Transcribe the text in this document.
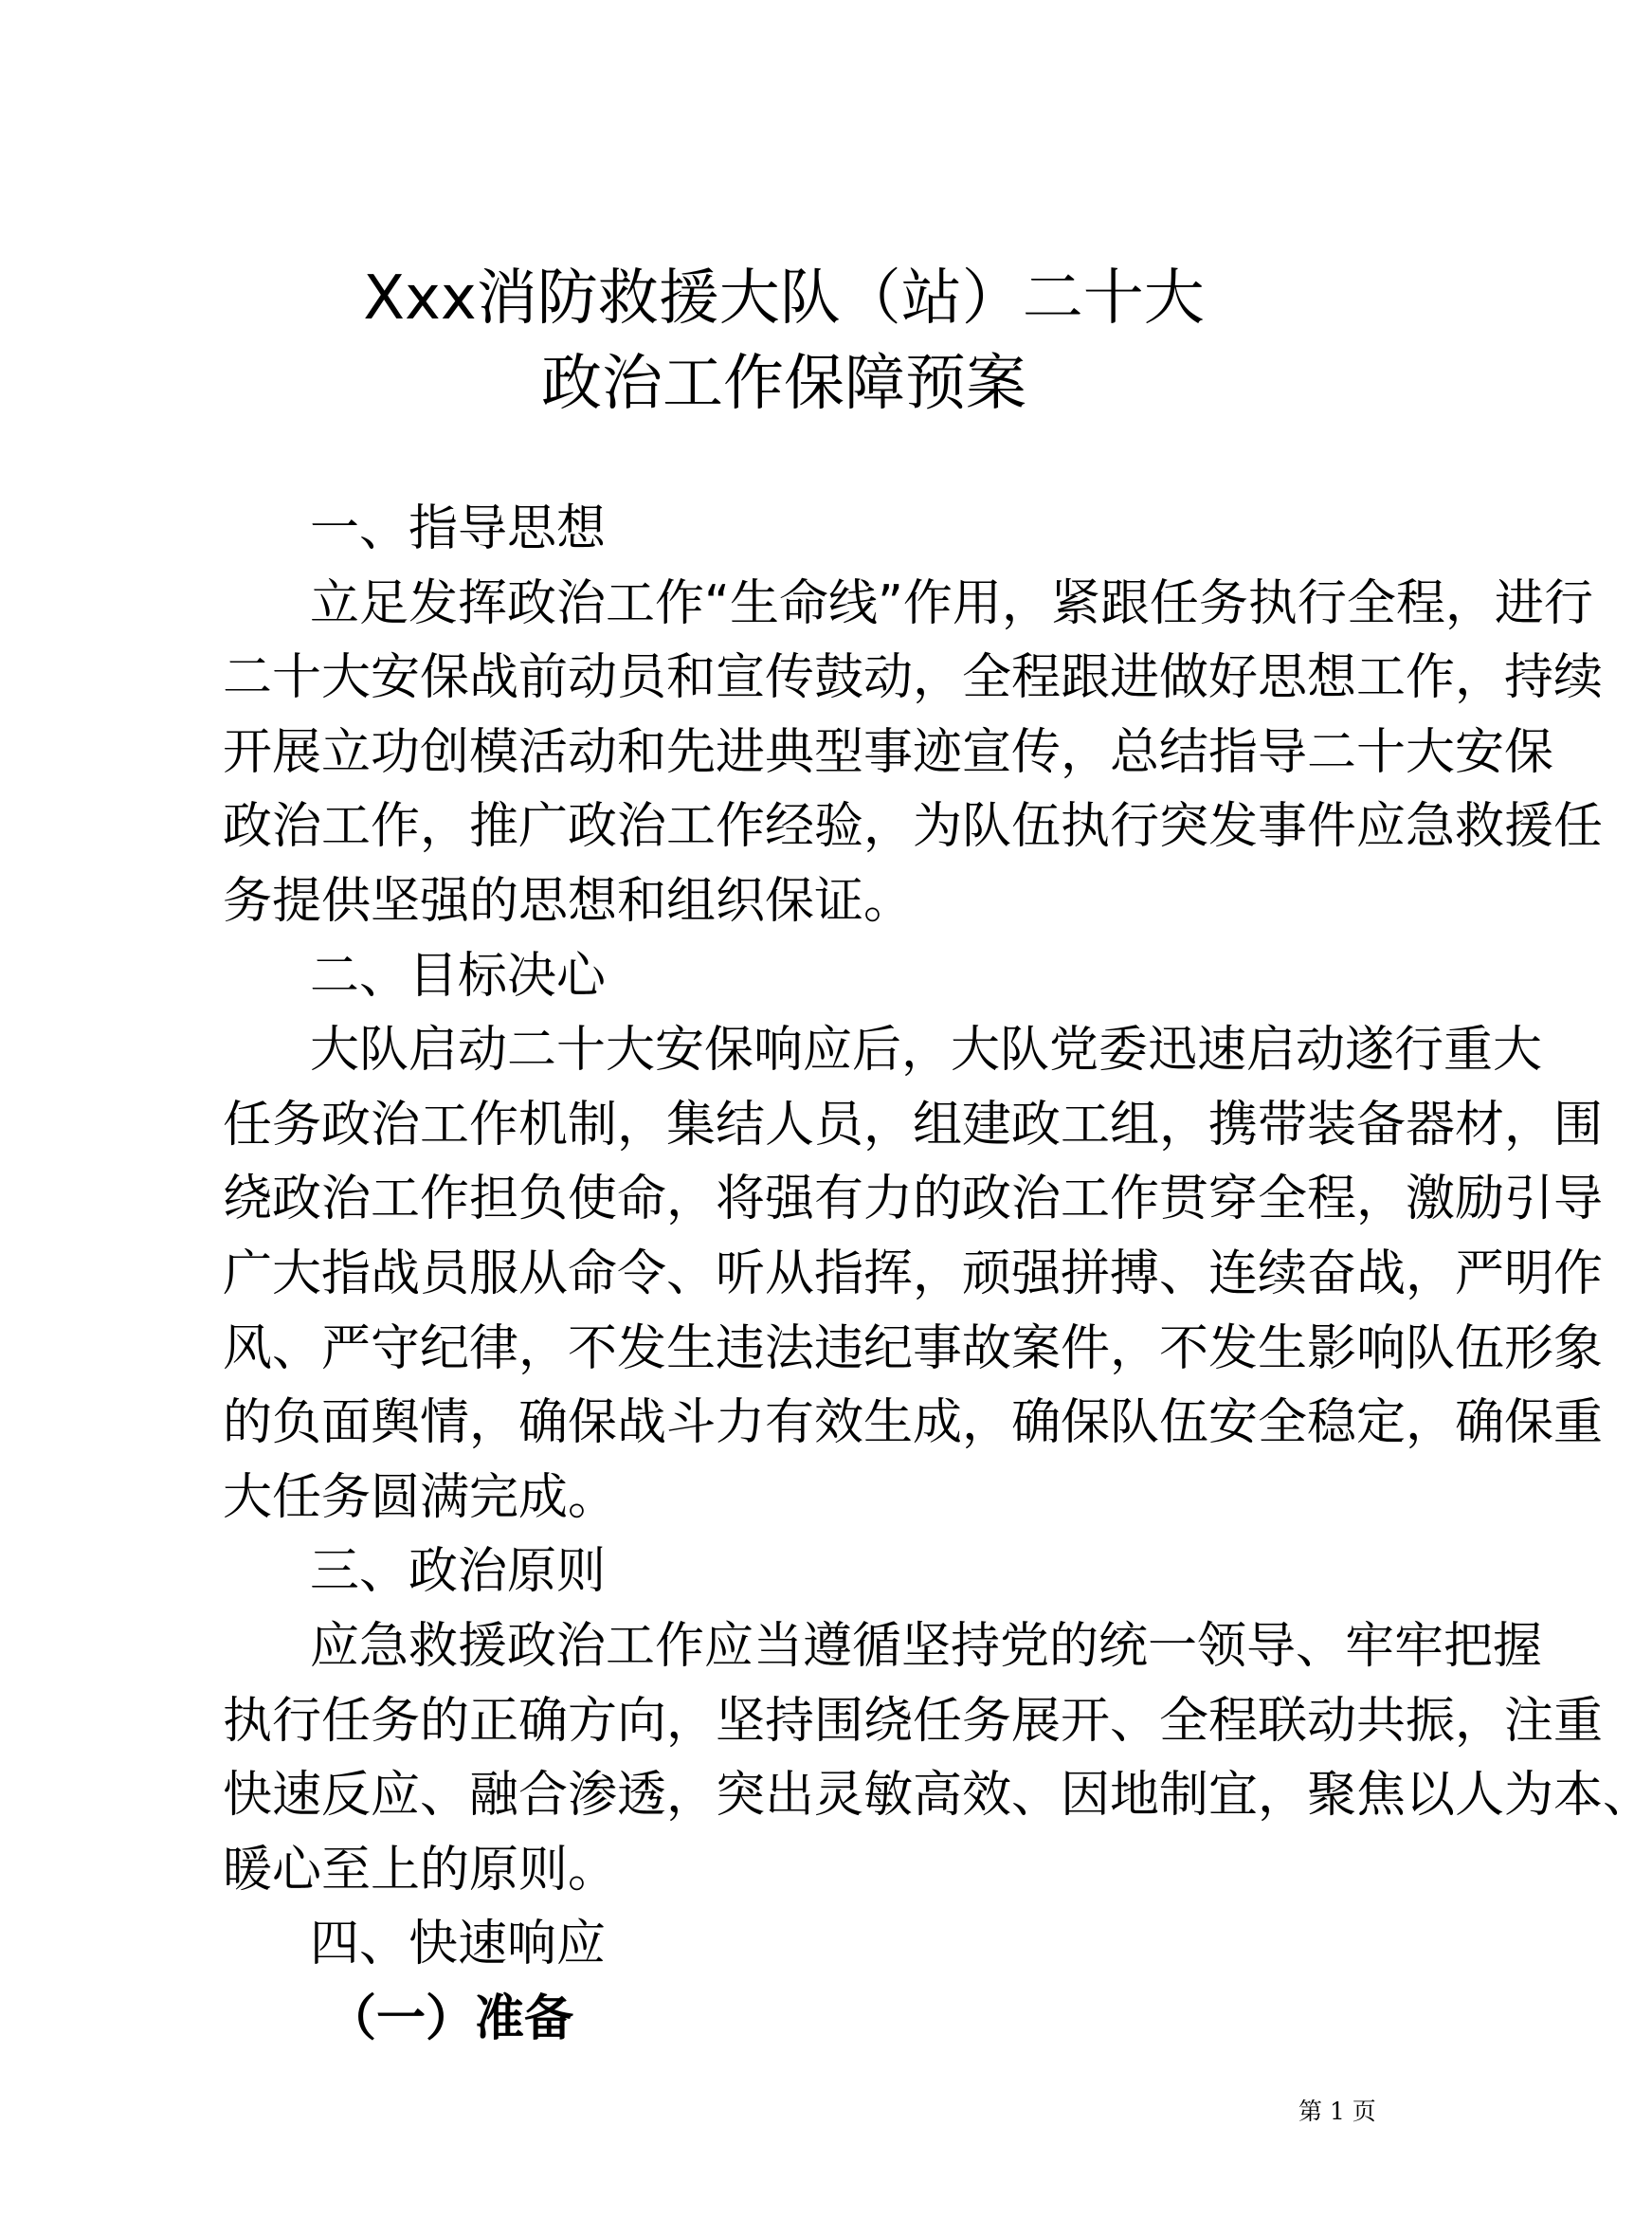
Xxx消防救援大队（站）二十大
政治工作保障预案
一、指导思想
立足发挥政治工作“生命线”作用，紧跟任务执行全程，进行
二十大安保战前动员和宣传鼓动，全程跟进做好思想工作，持续
开展立功创模活动和先进典型事迹宣传，总结指导二十大安保
政治工作，推广政治工作经验，为队伍执行突发事件应急救援任
务提供坚强的思想和组织保证。
二、目标决心
大队启动二十大安保响应后，大队党委迅速启动遂行重大
任务政治工作机制，集结人员，组建政工组，携带装备器材，围
绕政治工作担负使命，将强有力的政治工作贯穿全程，激励引导
广大指战员服从命令、听从指挥，顽强拼搏、连续奋战，严明作
风、严守纪律，不发生违法违纪事故案件，不发生影响队伍形象
的负面舆情，确保战斗力有效生成，确保队伍安全稳定，确保重
大任务圆满完成。
三、政治原则
应急救援政治工作应当遵循坚持党的统一领导、牢牢把握
执行任务的正确方向，坚持围绕任务展开、全程联动共振，注重
快速反应、融合渗透，突出灵敏高效、因地制宜，聚焦以人为本、
暖心至上的原则。
四、快速响应
（一）准备
第 1 页
